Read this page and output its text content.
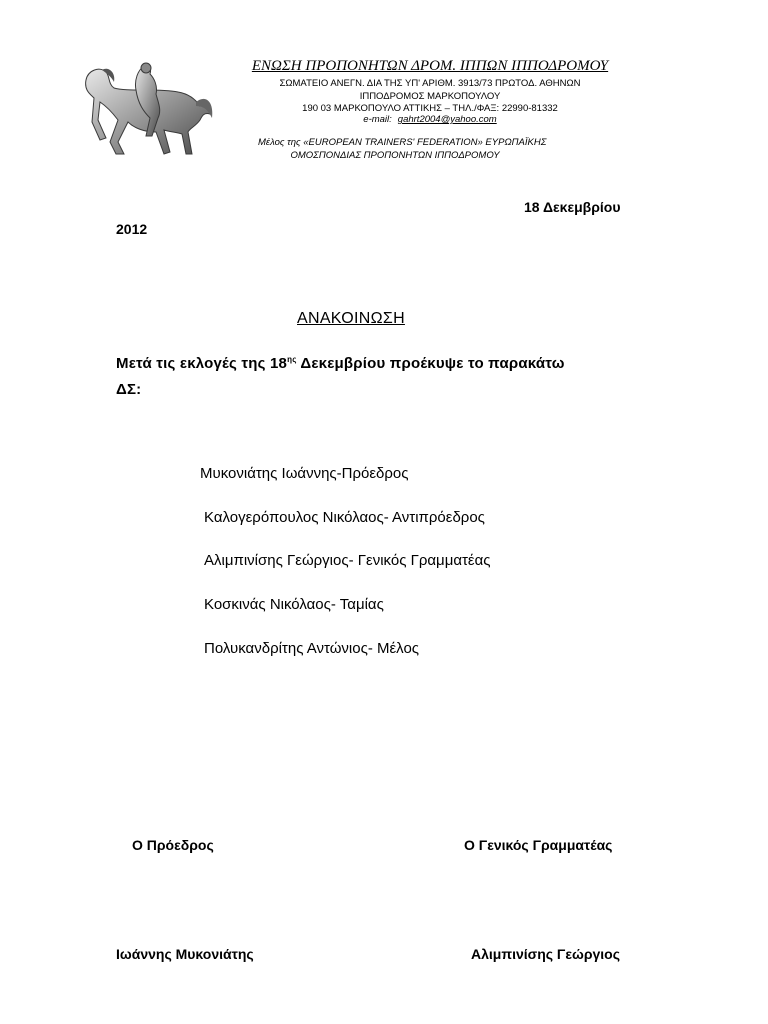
ΕΝΩΣΗ ΠΡΟΠΟΝΗΤΩΝ ΔΡΟΜ. ΙΠΠΩΝ ΙΠΠΟΔΡΟΜΟΥ
ΣΩΜΑΤΕΙΟ ΑΝΕΓΝ. ΔΙΑ ΤΗΣ ΥΠ' ΑΡΙΘΜ. 3913/73 ΠΡΩΤΟΔ. ΑΘΗΝΩΝ
ΙΠΠΟΔΡΟΜΟΣ ΜΑΡΚΟΠΟΥΛΟΥ
190 03 ΜΑΡΚΟΠΟΥΛΟ ΑΤΤΙΚΗΣ – ΤΗΛ./ΦΑΞ: 22990-81332
e-mail: gahrt2004@yahoo.com
Μέλος της «EUROPEAN TRAINERS' FEDERATION» ΕΥΡΩΠΑΪΚΗΣ
ΟΜΟΣΠΟΝΔΙΑΣ ΠΡΟΠΟΝΗΤΩΝ ΙΠΠΟΔΡΟΜΟΥ
18 Δεκεμβρίου
2012
ΑΝΑΚΟΙΝΩΣΗ
Μετά τις εκλογές της $18^{\eta\varsigma}$ Δεκεμβρίου προέκυψε το παρακάτω
ΔΣ:
Μυκονιάτης Ιωάννης-Πρόεδρος
Καλογερόπουλος Νικόλαος- Αντιπρόεδρος
Αλιμπινίσης Γεώργιος- Γενικός Γραμματέας
Κοσκινάς Νικόλαος- Ταμίας
Πολυκανδρίτης Αντώνιος- Μέλος
Ο Πρόεδρος	Ο Γενικός Γραμματέας
Ιωάννης Μυκονιάτης	Αλιμπινίσης Γεώργιος
